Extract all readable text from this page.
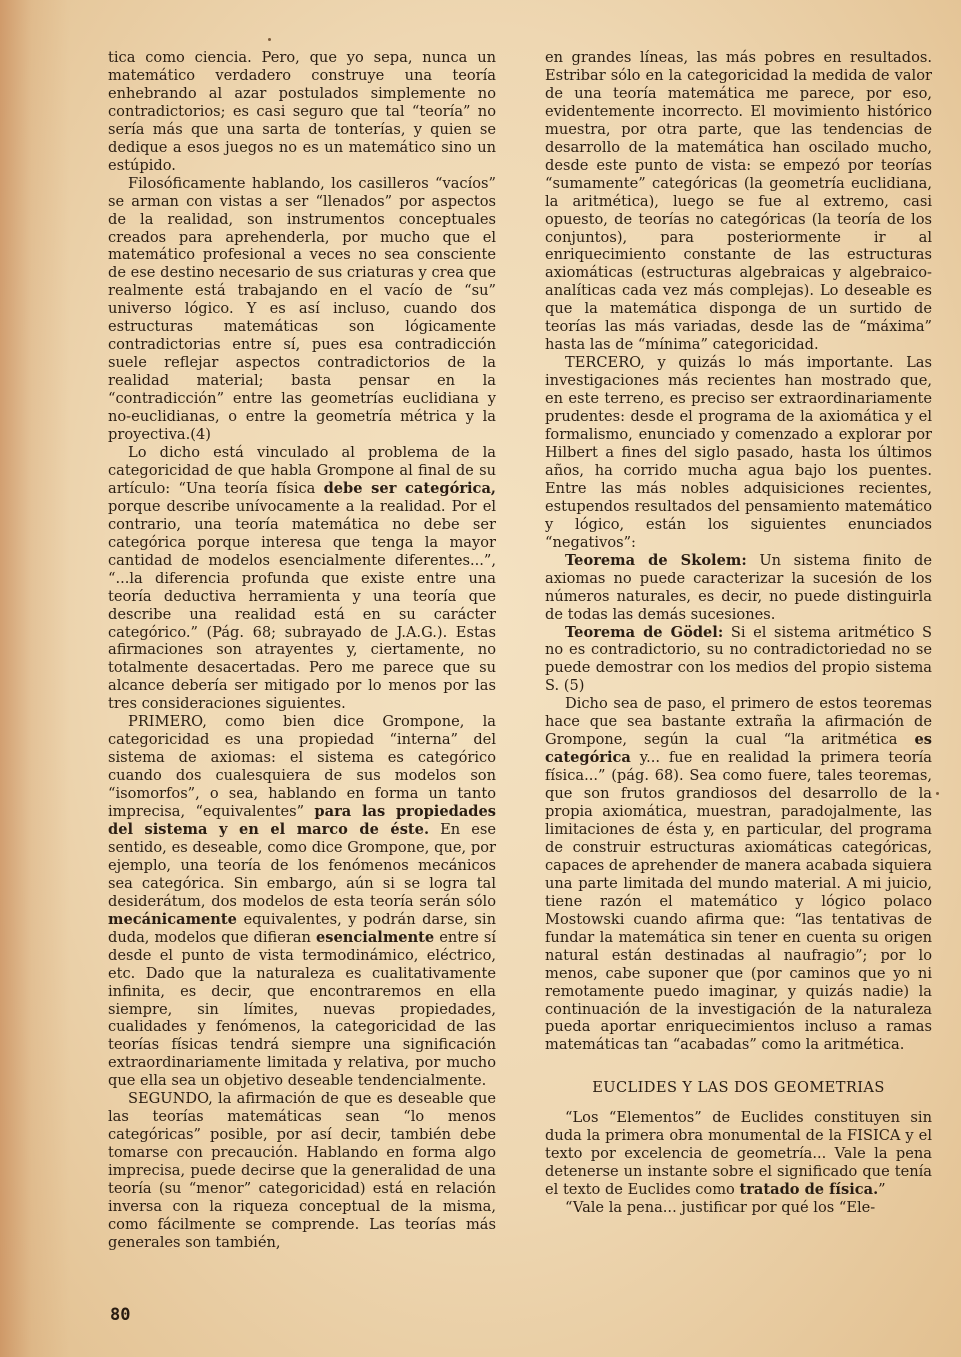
tica como ciencia. Pero, que yo sepa, nunca un matemático verdadero construye una teoría enhebrando al azar postulados simplemente no contradictorios; es casi seguro que tal “teoría” no sería más que una sarta de tonterías, y quien se dedique a esos juegos no es un matemático sino un estúpido.

Filosóficamente hablando, los casilleros “vacíos” se arman con vistas a ser “llenados” por aspectos de la realidad, son instrumentos conceptuales creados para aprehenderla, por mucho que el matemático profesional a veces no sea consciente de ese destino necesario de sus criaturas y crea que realmente está trabajando en el vacío de “su” universo lógico. Y es así incluso, cuando dos estructuras matemáticas son lógicamente contradictorias entre sí, pues esa contradicción suele reflejar aspectos contradictorios de la realidad material; basta pensar en la “contradicción” entre las geometrías euclidiana y no-euclidianas, o entre la geometría métrica y la proyectiva.(4)

Lo dicho está vinculado al problema de la categoricidad de que habla Grompone al final de su artículo: “Una teoría física debe ser categórica, porque describe unívocamente a la realidad. Por el contrario, una teoría matemática no debe ser categórica porque interesa que tenga la mayor cantidad de modelos esencialmente diferentes...”, “...la diferencia profunda que existe entre una teoría deductiva herramienta y una teoría que describe una realidad está en su carácter categórico.” (Pág. 68; subrayado de J.A.G.). Estas afirmaciones son atrayentes y, ciertamente, no totalmente desacertadas. Pero me parece que su alcance debería ser mitigado por lo menos por las tres consideraciones siguientes.

PRIMERO, como bien dice Grompone, la categoricidad es una propiedad “interna” del sistema de axiomas: el sistema es categórico cuando dos cualesquiera de sus modelos son “isomorfos”, o sea, hablando en forma un tanto imprecisa, “equivalentes” para las propiedades del sistema y en el marco de éste. En ese sentido, es deseable, como dice Grompone, que, por ejemplo, una teoría de los fenómenos mecánicos sea categórica. Sin embargo, aún si se logra tal desiderátum, dos modelos de esta teoría serán sólo mecánicamente equivalentes, y podrán darse, sin duda, modelos que difieran esencialmente entre sí desde el punto de vista termodinámico, eléctrico, etc. Dado que la naturaleza es cualitativamente infinita, es decir, que encontraremos en ella siempre, sin límites, nuevas propiedades, cualidades y fenómenos, la categoricidad de las teorías físicas tendrá siempre una significación extraordinariamente limitada y relativa, por mucho que ella sea un objetivo deseable tendencialmente.

SEGUNDO, la afirmación de que es deseable que las teorías matemáticas sean “lo menos categóricas” posible, por así decir, también debe tomarse con precaución. Hablando en forma algo imprecisa, puede decirse que la generalidad de una teoría (su “menor” categoricidad) está en relación inversa con la riqueza conceptual de la misma, como fácilmente se comprende. Las teorías más generales son también,

en grandes líneas, las más pobres en resultados. Estribar sólo en la categoricidad la medida de valor de una teoría matemática me parece, por eso, evidentemente incorrecto. El movimiento histórico muestra, por otra parte, que las tendencias de desarrollo de la matemática han oscilado mucho, desde este punto de vista: se empezó por teorías “sumamente” categóricas (la geometría euclidiana, la aritmética), luego se fue al extremo, casi opuesto, de teorías no categóricas (la teoría de los conjuntos), para posteriormente ir al enriquecimiento constante de las estructuras axiomáticas (estructuras algebraicas y algebraico-analíticas cada vez más complejas). Lo deseable es que la matemática disponga de un surtido de teorías las más variadas, desde las de “máxima” hasta las de “mínima” categoricidad.

TERCERO, y quizás lo más importante. Las investigaciones más recientes han mostrado que, en este terreno, es preciso ser extraordinariamente prudentes: desde el programa de la axiomática y el formalismo, enunciado y comenzado a explorar por Hilbert a fines del siglo pasado, hasta los últimos años, ha corrido mucha agua bajo los puentes. Entre las más nobles adquisiciones recientes, estupendos resultados del pensamiento matemático y lógico, están los siguientes enunciados “negativos”:

Teorema de Skolem: Un sistema finito de axiomas no puede caracterizar la sucesión de los números naturales, es decir, no puede distinguirla de todas las demás sucesiones.

Teorema de Gödel: Si el sistema aritmético S no es contradictorio, su no contradictoriedad no se puede demostrar con los medios del propio sistema S. (5)

Dicho sea de paso, el primero de estos teoremas hace que sea bastante extraña la afirmación de Grompone, según la cual “la aritmética es categórica y... fue en realidad la primera teoría física...” (pág. 68). Sea como fuere, tales teoremas, que son frutos grandiosos del desarrollo de la propia axiomática, muestran, paradojalmente, las limitaciones de ésta y, en particular, del programa de construir estructuras axiomáticas categóricas, capaces de aprehender de manera acabada siquiera una parte limitada del mundo material. A mi juicio, tiene razón el matemático y lógico polaco Mostowski cuando afirma que: “las tentativas de fundar la matemática sin tener en cuenta su origen natural están destinadas al naufragio”; por lo menos, cabe suponer que (por caminos que yo ni remotamente puedo imaginar, y quizás nadie) la continuación de la investigación de la naturaleza pueda aportar enriquecimientos incluso a ramas matemáticas tan “acabadas” como la aritmética.

EUCLIDES Y LAS DOS GEOMETRIAS

“Los “Elementos” de Euclides constituyen sin duda la primera obra monumental de la FISICA y el texto por excelencia de geometría... Vale la pena detenerse un instante sobre el significado que tenía el texto de Euclides como tratado de física.”

“Vale la pena... justificar por qué los “Ele-

80
